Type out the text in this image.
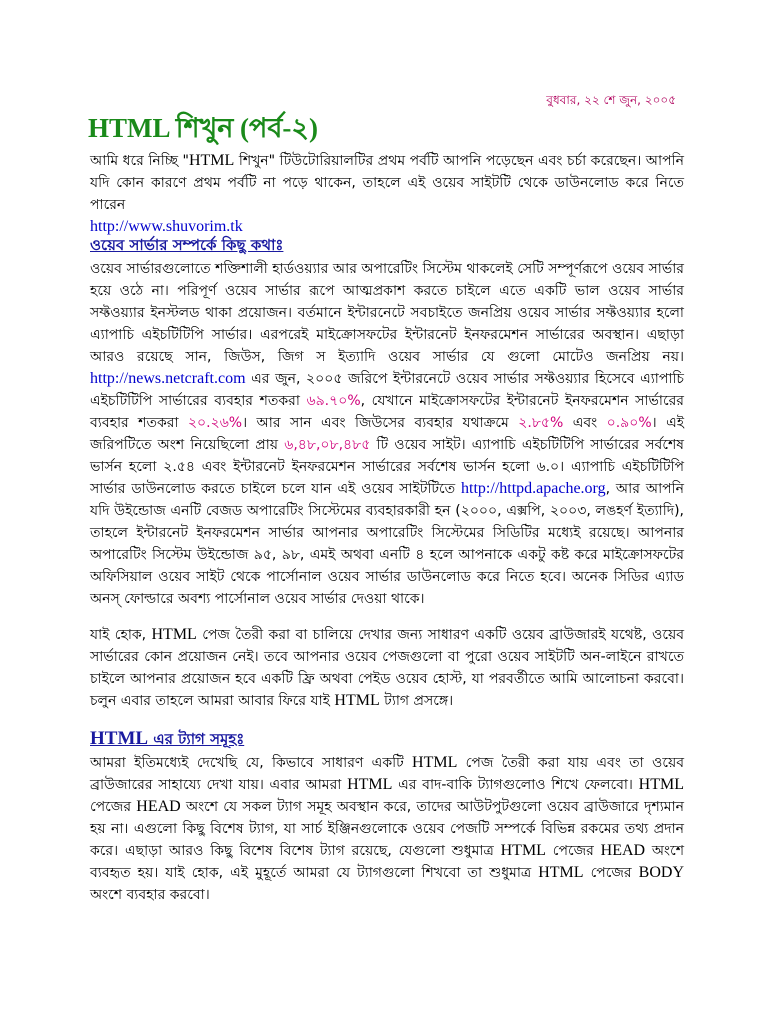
বুধবার, ২২ শে জুন, ২০০৫
HTML শিখুন (পর্ব-২)

আমি ধরে নিচ্ছি "HTML শিখুন" টিউটোরিয়ালটির প্রথম পর্বটি আপনি পড়েছেন এবং চর্চা করেছেন। আপনি যদি কোন কারণে প্রথম পর্বটি না পড়ে থাকেন, তাহলে এই ওয়েব সাইটটি থেকে ডাউনলোড করে নিতে পারেন
http://www.shuvorim.tk

ওয়েব সার্ভার সম্পর্কে কিছু কথাঃ

ওয়েব সার্ভারগুলোতে শক্তিশালী হার্ডওয়্যার আর অপারেটিং সিস্টেম থাকলেই সেটি সম্পূর্ণরূপে ওয়েব সার্ভার হয়ে ওঠে না। পরিপূর্ণ ওয়েব সার্ভার রূপে আত্মপ্রকাশ করতে চাইলে এতে একটি ভাল ওয়েব সার্ভার সফ্টওয়্যার ইনস্টলড থাকা প্রয়োজন। বর্তমানে ইন্টারনেটে সবচাইতে জনপ্রিয় ওয়েব সার্ভার সফ্টওয়্যার হলো এ্যাপাচি এইচটিটিপি সার্ভার। এরপরেই মাইক্রোসফটের ইন্টারনেট ইনফরমেশন সার্ভারের অবস্থান। এছাড়া আরও রয়েছে সান, জিউস, জিগ স ইত্যাদি ওয়েব সার্ভার যে গুলো মোটেও জনপ্রিয় নয়। http://news.netcraft.com এর জুন, ২০০৫ জরিপে ইন্টারনেটে ওয়েব সার্ভার সফ্টওয়্যার হিসেবে এ্যাপাচি এইচটিটিপি সার্ভারের ব্যবহার শতকরা ৬৯.৭০%, যেখানে মাইক্রোসফটের ইন্টারনেট ইনফরমেশন সার্ভারের ব্যবহার শতকরা ২০.২৬%। আর সান এবং জিউসের ব্যবহার যথাক্রমে ২.৮৫% এবং ০.৯০%। এই জরিপটিতে অংশ নিয়েছিলো প্রায় ৬,৪৮,০৮,৪৮৫ টি ওয়েব সাইট। এ্যাপাচি এইচটিটিপি সার্ভারের সর্বশেষ ভার্সন হলো ২.৫৪ এবং ইন্টারনেট ইনফরমেশন সার্ভারের সর্বশেষ ভার্সন হলো ৬.০। এ্যাপাচি এইচটিটিপি সার্ভার ডাউনলোড করতে চাইলে চলে যান এই ওয়েব সাইটটিতে http://httpd.apache.org, আর আপনি যদি উইন্ডোজ এনটি বেজড অপারেটিং সিস্টেমের ব্যবহারকারী হন (২০০০, এক্সপি, ২০০৩, লঙহর্ণ ইত্যাদি), তাহলে ইন্টারনেট ইনফরমেশন সার্ভার আপনার অপারেটিং সিস্টেমের সিডিটির মধ্যেই রয়েছে। আপনার অপারেটিং সিস্টেম উইন্ডোজ ৯৫, ৯৮, এমই অথবা এনটি ৪ হলে আপনাকে একটু কষ্ট করে মাইক্রোসফটের অফিসিয়াল ওয়েব সাইট থেকে পার্সোনাল ওয়েব সার্ভার ডাউনলোড করে নিতে হবে। অনেক সিডির এ্যাড অনস্ ফোল্ডারে অবশ্য পার্সোনাল ওয়েব সার্ভার দেওয়া থাকে।

যাই হোক, HTML পেজ তৈরী করা বা চালিয়ে দেখার জন্য সাধারণ একটি ওয়েব ব্রাউজারই যথেষ্ট, ওয়েব সার্ভারের কোন প্রয়োজন নেই। তবে আপনার ওয়েব পেজগুলো বা পুরো ওয়েব সাইটটি অন-লাইনে রাখতে চাইলে আপনার প্রয়োজন হবে একটি ফ্রি অথবা পেইড ওয়েব হোস্ট, যা পরবর্তীতে আমি আলোচনা করবো। চলুন এবার তাহলে আমরা আবার ফিরে যাই HTML ট্যাগ প্রসঙ্গে।

HTML এর ট্যাগ সমূহঃ

আমরা ইতিমধ্যেই দেখেছি যে, কিভাবে সাধারণ একটি HTML পেজ তৈরী করা যায় এবং তা ওয়েব ব্রাউজারের সাহায্যে দেখা যায়। এবার আমরা HTML এর বাদ-বাকি ট্যাগগুলোও শিখে ফেলবো। HTML পেজের HEAD অংশে যে সকল ট্যাগ সমূহ অবস্থান করে, তাদের আউটপুটগুলো ওয়েব ব্রাউজারে দৃশ্যমান হয় না। এগুলো কিছু বিশেষ ট্যাগ, যা সার্চ ইঞ্জিনগুলোকে ওয়েব পেজটি সম্পর্কে বিভিন্ন রকমের তথ্য প্রদান করে। এছাড়া আরও কিছু বিশেষ বিশেষ ট্যাগ রয়েছে, যেগুলো শুধুমাত্র HTML পেজের HEAD অংশে ব্যবহৃত হয়। যাই হোক, এই মুহূর্তে আমরা যে ট্যাগগুলো শিখবো তা শুধুমাত্র HTML পেজের BODY অংশে ব্যবহার করবো।
